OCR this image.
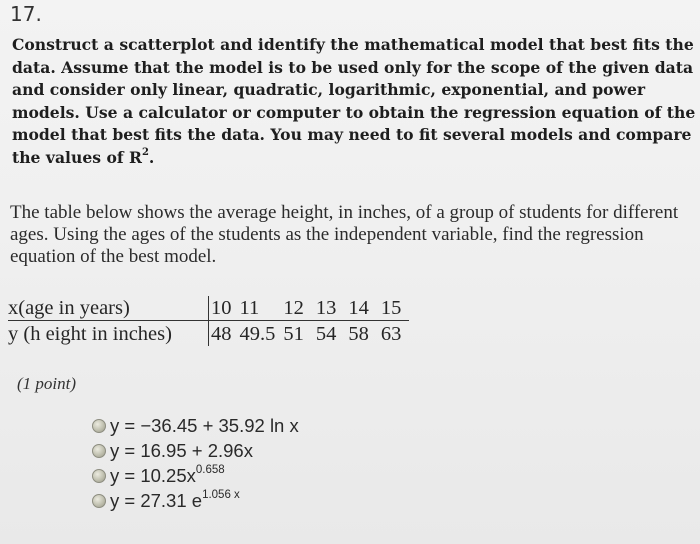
17.
Construct a scatterplot and identify the mathematical model that best fits the data. Assume that the model is to be used only for the scope of the given data and consider only linear, quadratic, logarithmic, exponential, and power models. Use a calculator or computer to obtain the regression equation of the model that best fits the data. You may need to fit several models and compare the values of $R^2$.
The table below shows the average height, in inches, of a group of students for different ages. Using the ages of the students as the independent variable, find the regression equation of the best model.
x(age in years)	10	11	12	13	14	15
y (h eight in inches)	48	49.5	51	54	58	63
(1 point)
y = −36.45 + 35.92 ln x
y = 16.95 + 2.96x
$y = 10.25x^{0.658}$
y = 27.31 $e^{1.056 x}$
